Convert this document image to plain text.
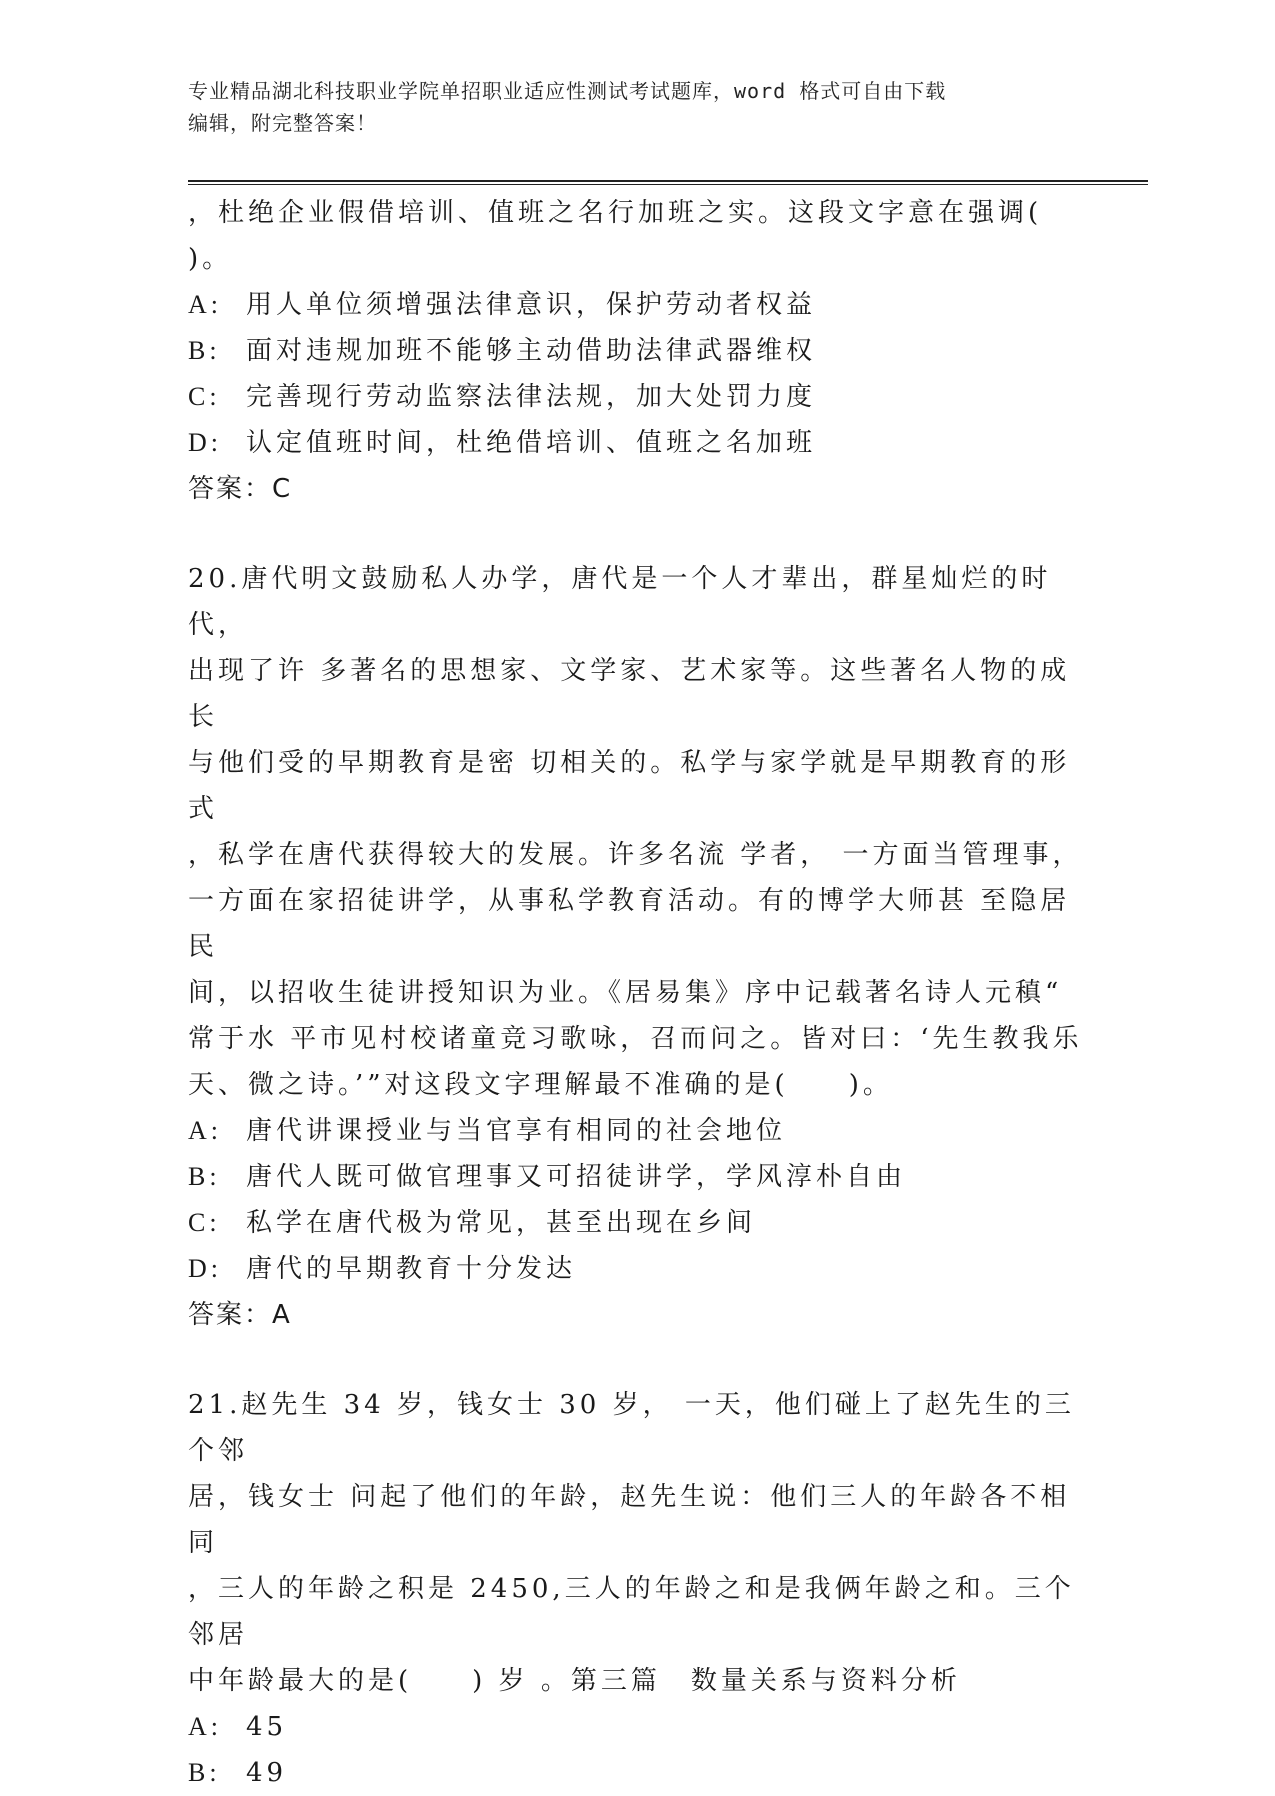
专业精品湖北科技职业学院单招职业适应性测试考试题库，word 格式可自由下载
编辑，附完整答案！

，杜绝企业假借培训、值班之名行加班之实。这段文字意在强调(

)。

A: 用人单位须增强法律意识，保护劳动者权益

B: 面对违规加班不能够主动借助法律武器维权

C: 完善现行劳动监察法律法规，加大处罚力度

D: 认定值班时间，杜绝借培训、值班之名加班

答案：C

20.唐代明文鼓励私人办学，唐代是一个人才辈出，群星灿烂的时代，

出现了许 多著名的思想家、文学家、艺术家等。这些著名人物的成长

与他们受的早期教育是密 切相关的。私学与家学就是早期教育的形式

，私学在唐代获得较大的发展。许多名流 学者， 一方面当管理事，

一方面在家招徒讲学，从事私学教育活动。有的博学大师甚 至隐居民

间，以招收生徒讲授知识为业。《居易集》序中记载著名诗人元稹“

常于水 平市见村校诸童竞习歌咏，召而问之。皆对曰：‘先生教我乐

天、微之诗。’”对这段文字理解最不准确的是(　　)。

A: 唐代讲课授业与当官享有相同的社会地位

B: 唐代人既可做官理事又可招徒讲学，学风淳朴自由

C: 私学在唐代极为常见，甚至出现在乡间

D: 唐代的早期教育十分发达

答案：A

21.赵先生 34 岁，钱女士 30 岁， 一天，他们碰上了赵先生的三个邻

居，钱女士 问起了他们的年龄，赵先生说：他们三人的年龄各不相同

，三人的年龄之积是 2450,三人的年龄之和是我俩年龄之和。三个邻居

中年龄最大的是(　　) 岁 。第三篇　数量关系与资料分析

A: 45

B: 49
